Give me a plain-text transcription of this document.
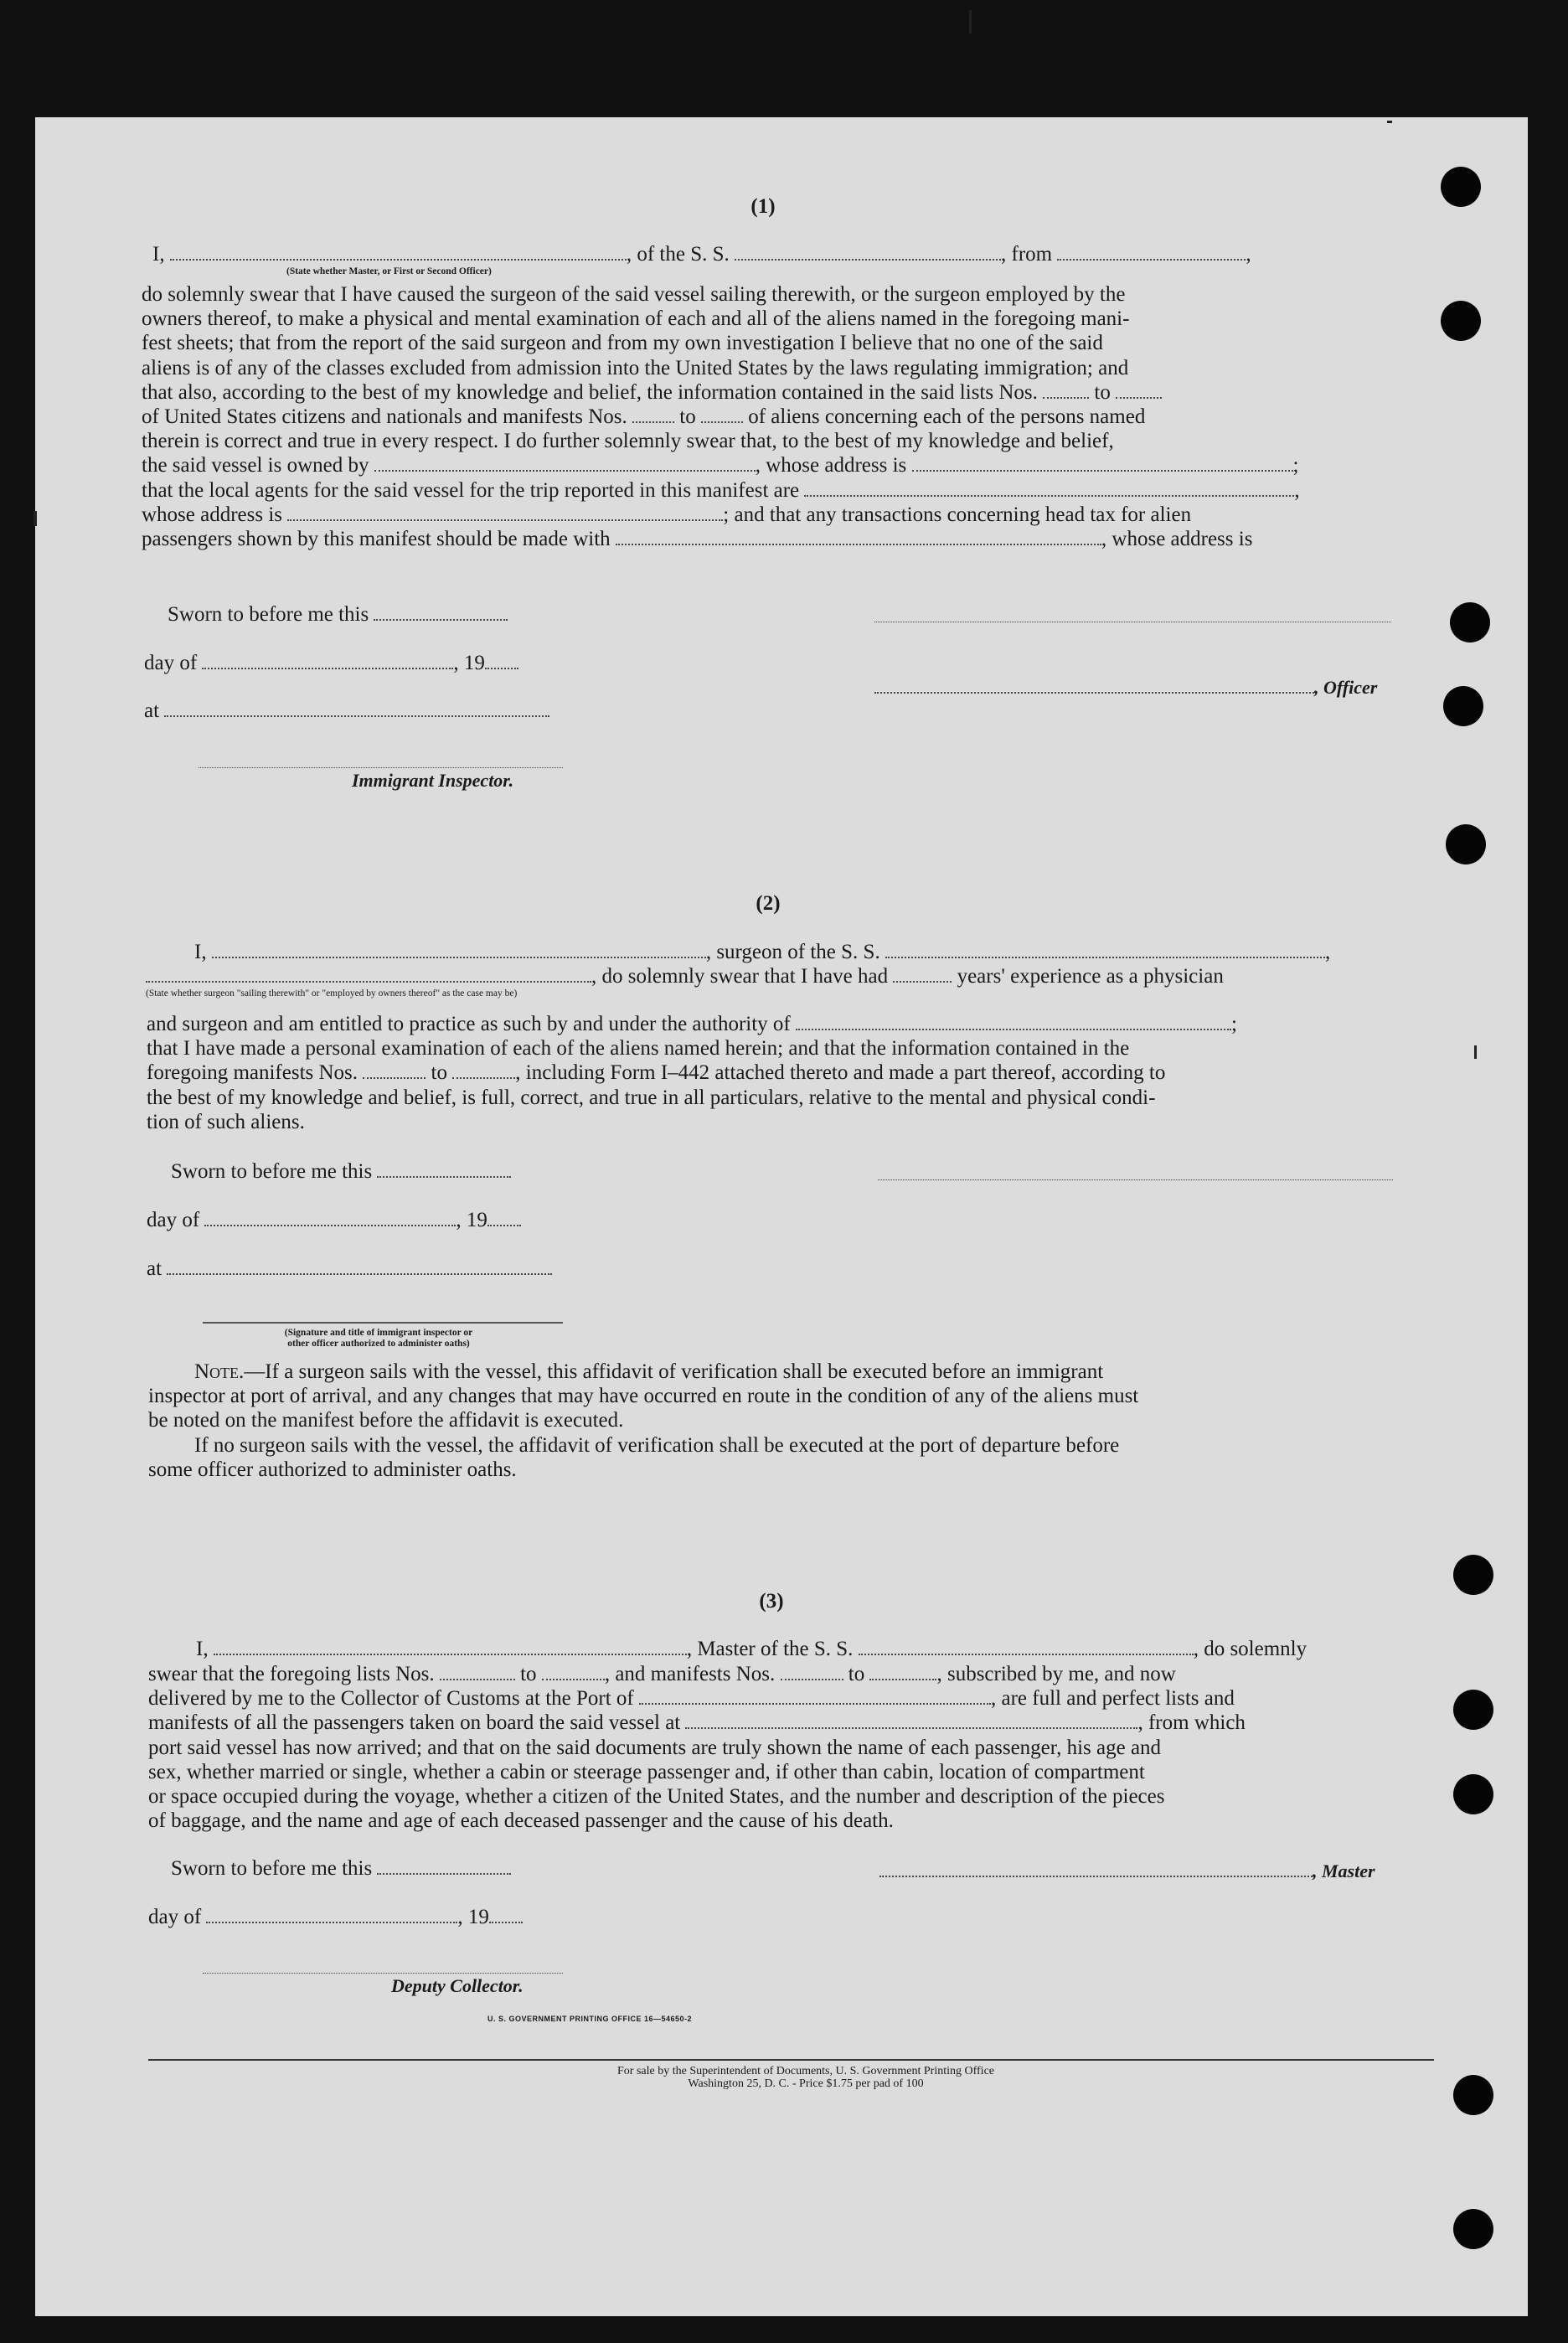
(1)
I,	, of the S. S.	, from	,
(State whether Master, or First or Second Officer)
do solemnly swear that I have caused the surgeon of the said vessel sailing therewith, or the surgeon employed by the
owners thereof, to make a physical and mental examination of each and all of the aliens named in the foregoing mani-
fest sheets; that from the report of the said surgeon and from my own investigation I believe that no one of the said
aliens is of any of the classes excluded from admission into the United States by the laws regulating immigration; and
that also, according to the best of my knowledge and belief, the information contained in the said lists Nos.	to
of United States citizens and nationals and manifests Nos.	to	of aliens concerning each of the persons named
therein is correct and true in every respect. I do further solemnly swear that, to the best of my knowledge and belief,
the said vessel is owned by	, whose address is	;
that the local agents for the said vessel for the trip reported in this manifest are	,
whose address is	; and that any transactions concerning head tax for alien
passengers shown by this manifest should be made with	, whose address is
Sworn to before me this
day of	, 19
at
Immigrant Inspector.
, Officer
(2)
I,	, surgeon of the S. S.	,
, do solemnly swear that I have had	years' experience as a physician
(State whether surgeon "sailing therewith" or "employed by owners thereof" as the case may be)
and surgeon and am entitled to practice as such by and under the authority of	;
that I have made a personal examination of each of the aliens named herein; and that the information contained in the
foregoing manifests Nos.	to	, including Form I–442 attached thereto and made a part thereof, according to
the best of my knowledge and belief, is full, correct, and true in all particulars, relative to the mental and physical condi-
tion of such aliens.
Sworn to before me this
day of	, 19
at
(Signature and title of immigrant inspector or
other officer authorized to administer oaths)
Note.—If a surgeon sails with the vessel, this affidavit of verification shall be executed before an immigrant
inspector at port of arrival, and any changes that may have occurred en route in the condition of any of the aliens must
be noted on the manifest before the affidavit is executed.
If no surgeon sails with the vessel, the affidavit of verification shall be executed at the port of departure before
some officer authorized to administer oaths.
(3)
I,	, Master of the S. S.	, do solemnly
swear that the foregoing lists Nos.	to	, and manifests Nos.	to	, subscribed by me, and now
delivered by me to the Collector of Customs at the Port of	, are full and perfect lists and
manifests of all the passengers taken on board the said vessel at	, from which
port said vessel has now arrived; and that on the said documents are truly shown the name of each passenger, his age and
sex, whether married or single, whether a cabin or steerage passenger and, if other than cabin, location of compartment
or space occupied during the voyage, whether a citizen of the United States, and the number and description of the pieces
of baggage, and the name and age of each deceased passenger and the cause of his death.
Sworn to before me this
day of	, 19
Deputy Collector.
, Master
U. S. GOVERNMENT PRINTING OFFICE 16—54650-2
For sale by the Superintendent of Documents, U. S. Government Printing Office
Washington 25, D. C. - Price $1.75 per pad of 100
